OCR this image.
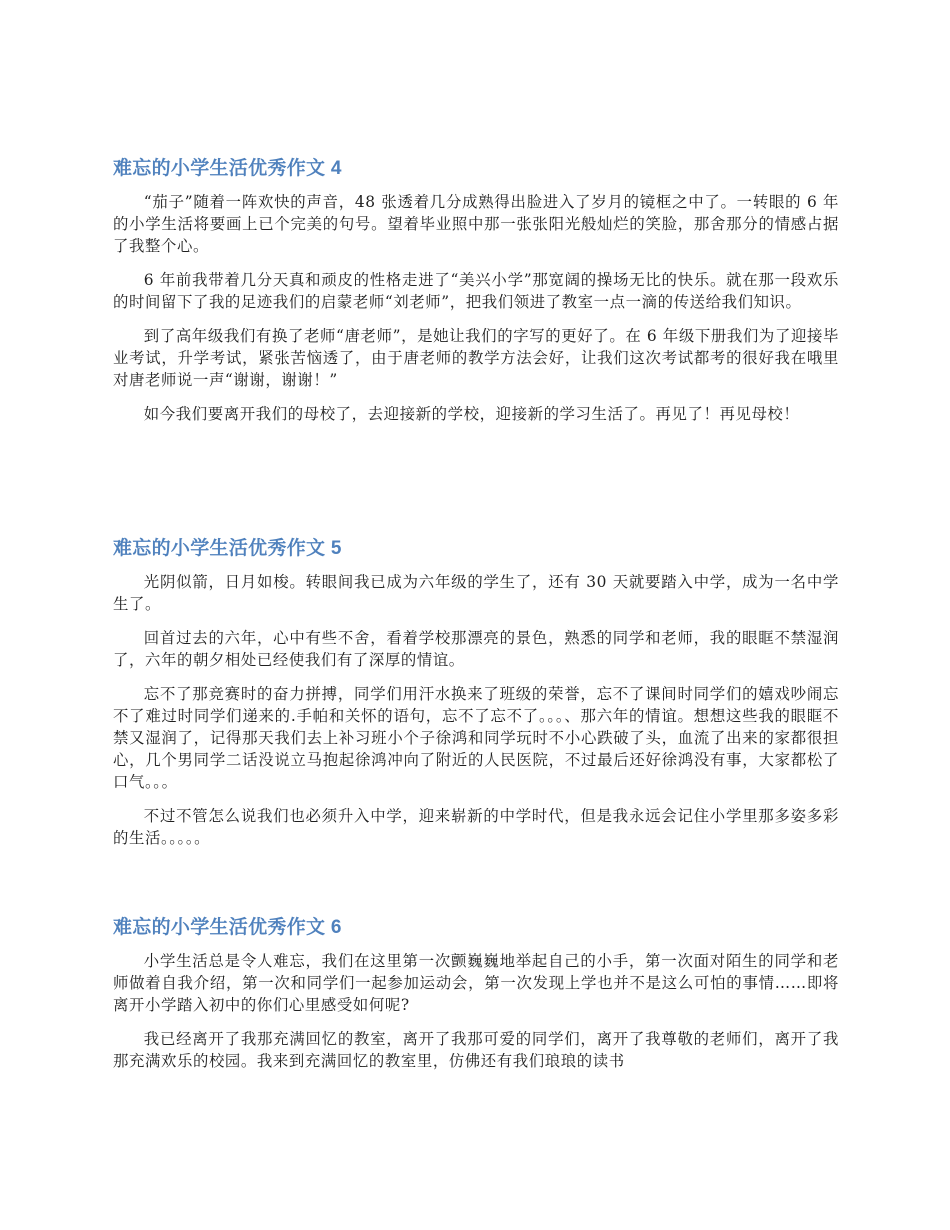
难忘的小学生活优秀作文 4

“茄子”随着一阵欢快的声音，48 张透着几分成熟得出脸进入了岁月的镜框之中了。一转眼的 6 年的小学生活将要画上已个完美的句号。望着毕业照中那一张张阳光般灿烂的笑脸，那舍那分的情感占据了我整个心。

6 年前我带着几分天真和顽皮的性格走进了“美兴小学”那宽阔的操场无比的快乐。就在那一段欢乐的时间留下了我的足迹我们的启蒙老师“刘老师”，把我们领进了教室一点一滴的传送给我们知识。

到了高年级我们有换了老师“唐老师”，是她让我们的字写的更好了。在 6 年级下册我们为了迎接毕业考试，升学考试，紧张苦恼透了，由于唐老师的教学方法会好，让我们这次考试都考的很好我在哦里对唐老师说一声“谢谢，谢谢！”

如今我们要离开我们的母校了，去迎接新的学校，迎接新的学习生活了。再见了！再见母校！

难忘的小学生活优秀作文 5

光阴似箭，日月如梭。转眼间我已成为六年级的学生了，还有 30 天就要踏入中学，成为一名中学生了。

回首过去的六年，心中有些不舍，看着学校那漂亮的景色，熟悉的同学和老师，我的眼眶不禁湿润了，六年的朝夕相处已经使我们有了深厚的情谊。

忘不了那竞赛时的奋力拼搏，同学们用汗水换来了班级的荣誉，忘不了课间时同学们的嬉戏吵闹忘不了难过时同学们递来的.手帕和关怀的语句，忘不了忘不了。。。、那六年的情谊。想想这些我的眼眶不禁又湿润了，记得那天我们去上补习班小个子徐鸿和同学玩时不小心跌破了头，血流了出来的家都很担心，几个男同学二话没说立马抱起徐鸿冲向了附近的人民医院，不过最后还好徐鸿没有事，大家都松了口气。。。

不过不管怎么说我们也必须升入中学，迎来崭新的中学时代，但是我永远会记住小学里那多姿多彩的生活。。。。。

难忘的小学生活优秀作文 6

小学生活总是令人难忘，我们在这里第一次颤巍巍地举起自己的小手，第一次面对陌生的同学和老师做着自我介绍，第一次和同学们一起参加运动会，第一次发现上学也并不是这么可怕的事情……即将离开小学踏入初中的你们心里感受如何呢?

我已经离开了我那充满回忆的教室，离开了我那可爱的同学们，离开了我尊敬的老师们，离开了我那充满欢乐的校园。我来到充满回忆的教室里，仿佛还有我们琅琅的读书
